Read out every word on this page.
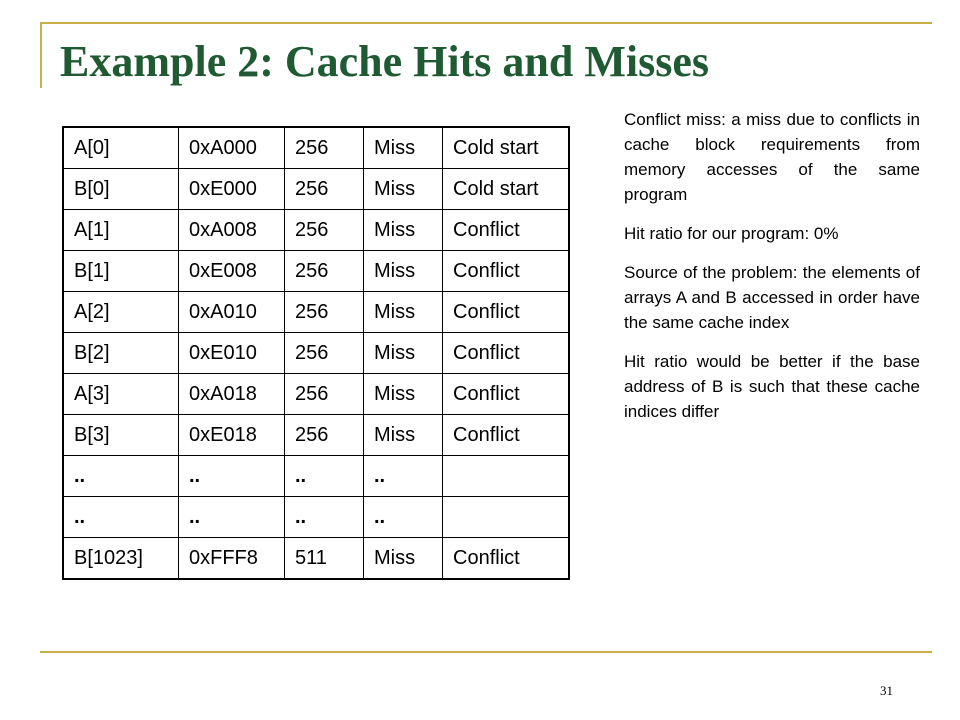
Example 2: Cache Hits and Misses
A[0]	0xA000	256	Miss	Cold start
B[0]	0xE000	256	Miss	Cold start
A[1]	0xA008	256	Miss	Conflict
B[1]	0xE008	256	Miss	Conflict
A[2]	0xA010	256	Miss	Conflict
B[2]	0xE010	256	Miss	Conflict
A[3]	0xA018	256	Miss	Conflict
B[3]	0xE018	256	Miss	Conflict
..	..	..	..	
..	..	..	..	
B[1023]	0xFFF8	511	Miss	Conflict

Conflict miss: a miss due to conflicts in cache block requirements from memory accesses of the same program

Hit ratio for our program: 0%

Source of the problem: the elements of arrays A and B accessed in order have the same cache index

Hit ratio would be better if the base address of B is such that these cache indices differ

31
